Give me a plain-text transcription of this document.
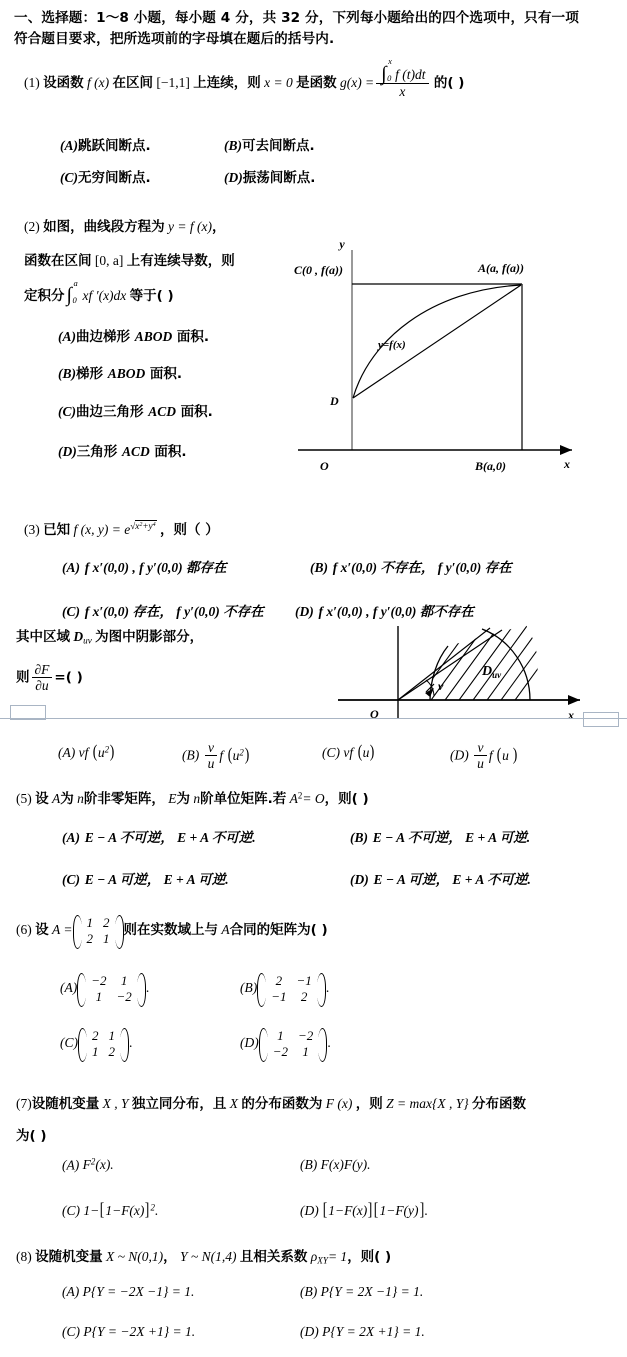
一、选择题：1～8 小题，每小题 4 分，共 32 分，下列每小题给出的四个选项中，只有一项
符合题目要求，把所选项前的字母填在题后的括号内.
(1) 设函数 f (x) 在区间 [−1,1] 上连续，则 x = 0 是函数 g(x) = ∫
x
0 f (t)dt
x 的( )
(A)跳跃间断点.	(B)可去间断点.
(C)无穷间断点.	(D)振荡间断点.
(2) 如图，曲线段方程为 y = f (x)，
函数在区间 [0, a] 上有连续导数，则
定积分 ∫
a
0 xf ′(x)dx 等于( )
(A)曲边梯形 ABOD 面积.
(B)梯形 ABOD 面积.
(C)曲边三角形 ACD 面积.
(D)三角形 ACD 面积.
y
x
O
C(0 , f(a))	A(a, f(a))
B(a,0)
D
y=f(x)
(3) 已知 f (x, $y) = e√x^2+y^4$ ，则（ ）
(A) f x′(0,0) , f y′(0,0) 都存在	(B) f x′(0,0) 不存在， f y′(0,0) 存在
(C) f x′(0,0) 存在， f y′(0,0) 不存在 (D) f x′(0,0) , f y′(0,0) 都不存在
其中区域 $D_{uv}$ 为图中阴影部分，
则 $\frac{\partial F}{\partial u}$ =( )
v
O	x
$D_{uv}$
(A) vf $(u^2)$	$(B) \frac{v}{u}$ f $(u^2)$	(C) vf (u)	$(D) \frac{v}{u}$ f (u )
(5) 设 A为 n阶非零矩阵， E为 n阶单位矩阵.若 $A^2= O$，则( )
(A) E − A 不可逆， E + A 不可逆.	(B) E − A 不可逆， E + A 可逆.
(C) E − A 可逆， E + A 可逆.	(D) E − A 可逆， E + A 不可逆.
(6) 设 A = 1	2
2	1
则在实数域上与 A合同的矩阵为( )
(A) −2	1
1	−2
.	(B) 2	−1
−1	2
.
(C) 2	1
1	2
.	(D) 1	−2
−2	1
.
(7)设随机变量 X , Y 独立同分布，且 X 的分布函数为 F (x) ，则 Z = max{X , Y} 分布函数
为( )
(A) $F^2(x)$.	(B) F(x)F(y).
(C) $1-[1-F(x)]^2$.	(D) [1−F(x)][1−F(y)].
(8) 设随机变量 X ~ N(0,1)， Y ~ N(1,4) 且相关系数 $\rho_{XY}= 1$，则( )
(A) P{Y = −2X −1} = 1.	(B) P{Y = 2X −1} = 1.
(C) P{Y = −2X +1} = 1.	(D) P{Y = 2X +1} = 1.
